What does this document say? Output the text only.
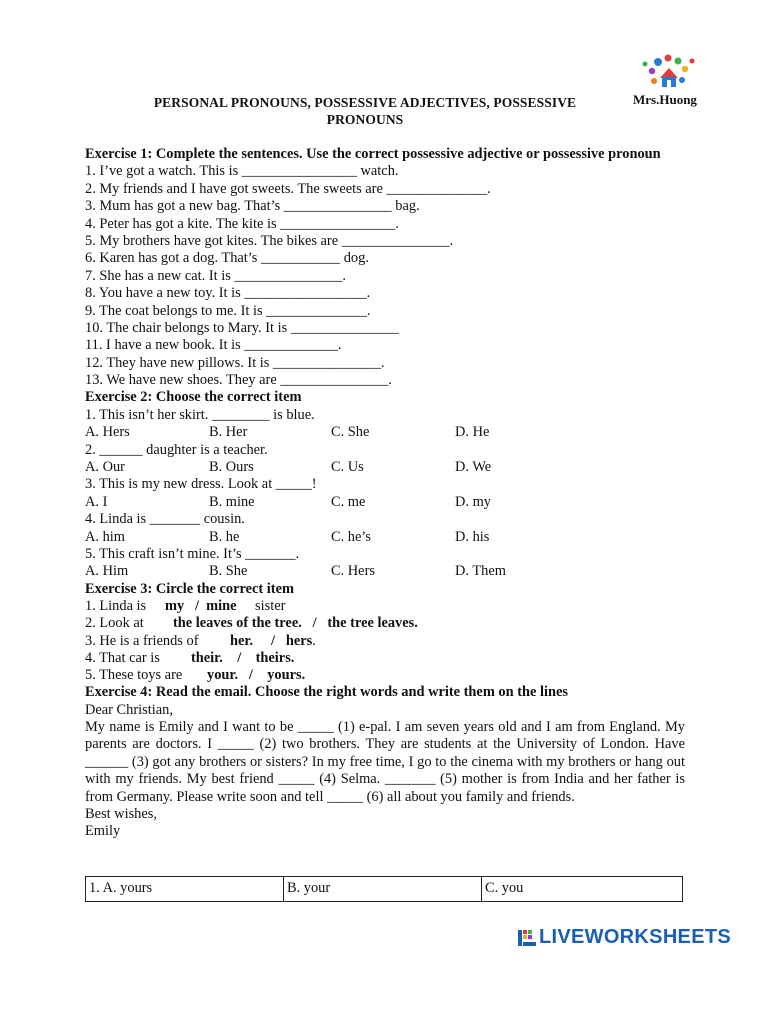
Mrs.Huong
PERSONAL PRONOUNS, POSSESSIVE ADJECTIVES, POSSESSIVE
PRONOUNS
Exercise 1: Complete the sentences. Use the correct possessive adjective or possessive pronoun
1. I’ve got a watch. This is ________________ watch.
2. My friends and I have got sweets. The sweets are ______________.
3. Mum has got a new bag. That’s _______________ bag.
4. Peter has got a kite. The kite is ________________.
5. My brothers have got kites. The bikes are _______________.
6. Karen has got a dog. That’s ___________ dog.
7. She has a new cat. It is _______________.
8. You have a new toy. It is _________________.
9. The coat belongs to me. It is ______________.
10. The chair belongs to Mary. It is _______________
11. I have a new book. It is _____________.
12. They have new pillows. It is _______________.
13. We have new shoes. They are _______________.
Exercise 2: Choose the correct item
1. This isn’t her skirt. ________ is blue.
A. Hers	B. Her	C. She	D. He
2. ______ daughter is a teacher.
A. Our	B. Ours	C. Us	D. We
3. This is my new dress. Look at _____!
A. I	B. mine	C. me	D. my
4. Linda is _______ cousin.
A. him	B. he	C. he’s	D. his
5. This craft isn’t mine. It’s _______.
A. Him	B. She	C. Hers	D. Them
Exercise 3: Circle the correct item
1. Linda is	my   /  mine	sister
2. Look at	the leaves of the tree.   /   the tree leaves.
3. He is a friends of	her.     /   hers .
4. That car is	their.    /    theirs.
5. These toys are	your.   /    yours.
Exercise 4: Read the email. Choose the right words and write them on the lines
Dear Christian,
My name is Emily and I want to be _____ (1) e-pal. I am seven years old and I am from England. My parents are doctors. I _____ (2) two brothers. They are students at the University of London. Have ______ (3) got any brothers or sisters? In my free time, I go to the cinema with my brothers or hang out with my friends. My best friend _____ (4) Selma. _______ (5) mother is from India and her father is from Germany. Please write soon and tell _____ (6) all about you family and friends.
Best wishes,
Emily
1. A. yours	B. your	C. you
LIVEWORKSHEETS
